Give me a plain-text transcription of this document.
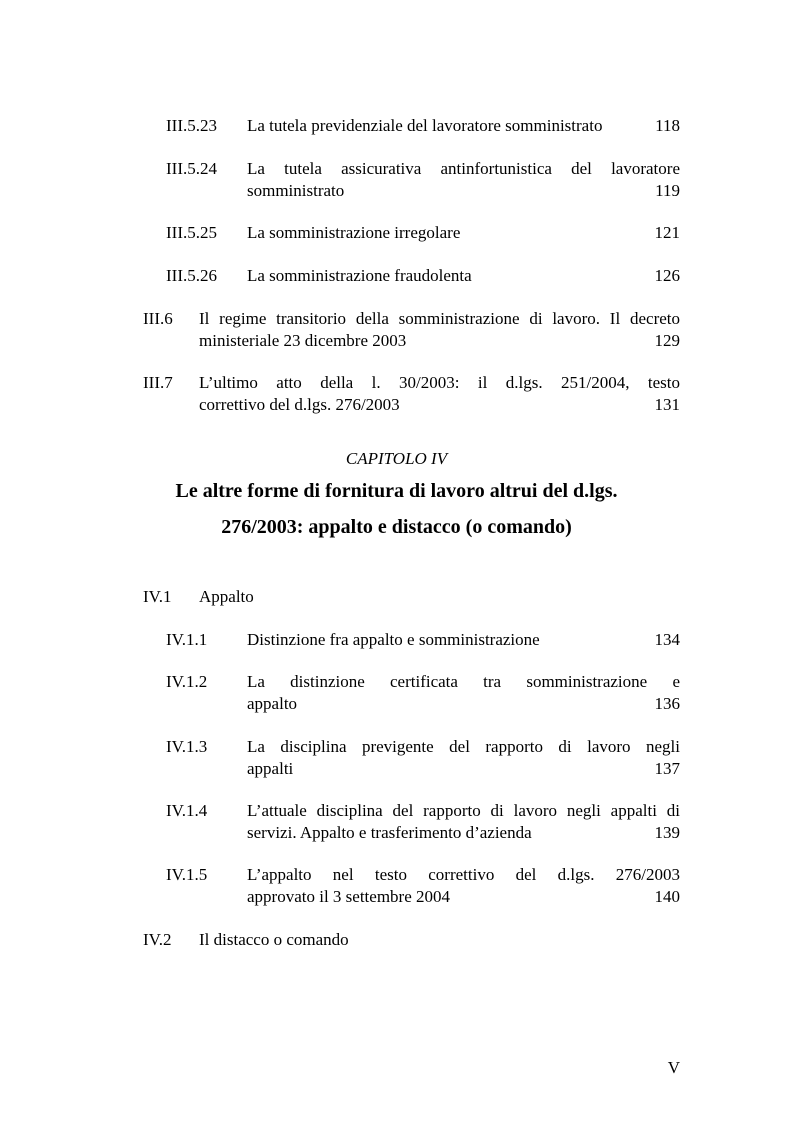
III.5.23 La tutela previdenziale del lavoratore somministrato	118
III.5.24 La tutela assicurativa antinfortunistica del lavoratore
somministrato	119
III.5.25 La somministrazione irregolare	121
III.5.26 La somministrazione fraudolenta	126
III.6 Il regime transitorio della somministrazione di lavoro. Il decreto
ministeriale 23 dicembre 2003	129
III.7 L’ultimo atto della l. 30/2003: il d.lgs. 251/2004, testo
correttivo del d.lgs. 276/2003	131
IV.1 Appalto
IV.1.1 Distinzione fra appalto e somministrazione	134
IV.1.2 La distinzione certificata tra somministrazione e
appalto	136
IV.1.3 La disciplina previgente del rapporto di lavoro negli
appalti	137
IV.1.4 L’attuale disciplina del rapporto di lavoro negli appalti di
servizi. Appalto e trasferimento d’azienda	139
IV.1.5 L’appalto nel testo correttivo del d.lgs. 276/2003
approvato il 3 settembre 2004	140
IV.2 Il distacco o comando
CAPITOLO IV
Le altre forme di fornitura di lavoro altrui del d.lgs.
276/2003: appalto e distacco (o comando)
V
